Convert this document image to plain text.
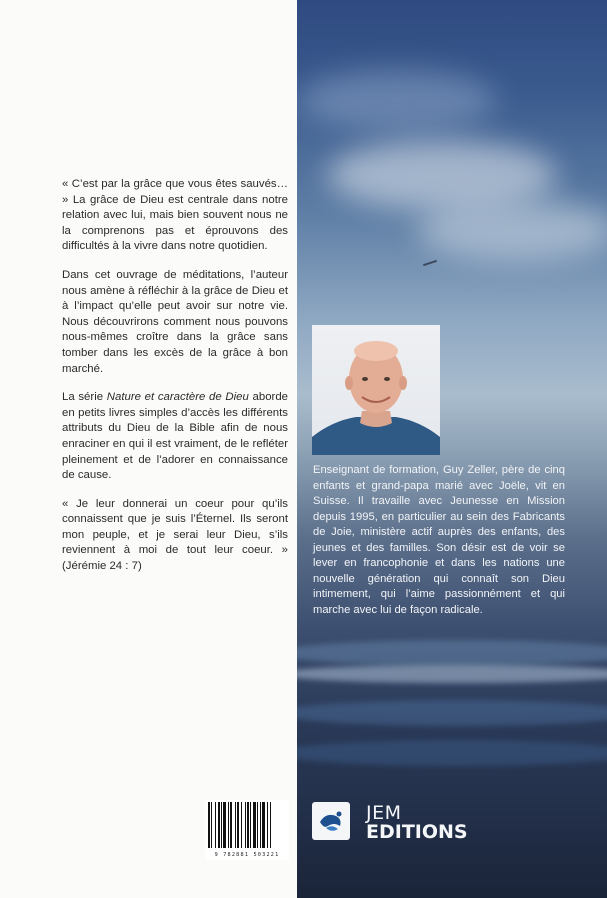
« C’est par la grâce que vous êtes sauvés… » La grâce de Dieu est centrale dans notre relation avec lui, mais bien souvent nous ne la comprenons pas et éprouvons des difficultés à la vivre dans notre quotidien.

Dans cet ouvrage de méditations, l’auteur nous amène à réfléchir à la grâce de Dieu et à l’impact qu’elle peut avoir sur notre vie. Nous découvrirons comment nous pouvons nous-mêmes croître dans la grâce sans tomber dans les excès de la grâce à bon marché.

La série Nature et caractère de Dieu aborde en petits livres simples d’accès les différents attributs du Dieu de la Bible afin de nous enraciner en qui il est vraiment, de le refléter pleinement et de l’adorer en connaissance de cause.

« Je leur donnerai un coeur pour qu’ils connaissent que je suis l’Éternel. Ils seront mon peuple, et je serai leur Dieu, s’ils reviennent à moi de tout leur coeur. » (Jérémie 24 : 7)

9 782881 503221

Enseignant de formation, Guy Zeller, père de cinq enfants et grand-papa marié avec Joële, vit en Suisse. Il travaille avec Jeunesse en Mission depuis 1995, en particulier au sein des Fabricants de Joie, ministère actif auprès des enfants, des jeunes et des familles. Son désir est de voir se lever en francophonie et dans les nations une nouvelle génération qui connaît son Dieu intimement, qui l’aime passionnément et qui marche avec lui de façon radicale.

JEM

EDITIONS
